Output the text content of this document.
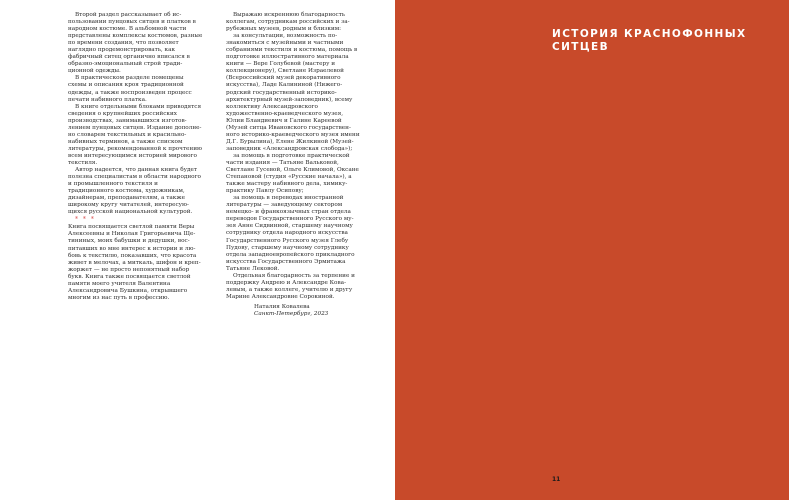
Второй раздел рассказывает об использовании пунцовых ситцев и платков в народном костюме. В альбомной части представлены комплексы костюмов, разные по времени создания, что позволяет наглядно продемонстрировать, как фабричный ситец органично вписался в образно-эмоциональный строй традиционной одежды.

В практическом разделе помещены схемы и описания кроя традиционной одежды, а также воспроизведен процесс печати набивного платка.

В книге отдельными блоками приводятся сведения о крупнейших российских производствах, занимавшихся изготовлением пунцовых ситцев. Издание дополнено словарем текстильных и красильно-набивных терминов, а также списком литературы, рекомендованной к прочтению всем интересующимся историей мирового текстиля.

Автор надеется, что данная книга будет полезна специалистам в области народного и промышленного текстиля и традиционного костюма, художникам, дизайнерам, преподавателям, а также широкому кругу читателей, интересующихся русской национальной культурой.

* * *

Книга посвящается светлой памяти Веры Алексеевны и Николая Григорьевича Щетининых, моих бабушки и дедушки, воспитавших во мне интерес к истории и любовь к текстилю, показавших, что красота живет в мелочах, а миткаль, шифон и креп-жоржет — не просто непонятный набор букв. Книга также посвящается светлой памяти моего учителя Валентина Александровича Бушкина, открывшего многим из нас путь в профессию.

Выражаю искреннюю благодарность коллегам, сотрудникам российских и зарубежных музеев, родным и близким:

за консультации, возможность познакомиться с музейными и частными собраниями текстиля и костюма, помощь в подготовке иллюстративного материала книги — Вере Голубевой (мастеру и коллекционеру), Светлане Израелевой (Всероссийский музей декоративного искусства), Ладе Калининой (Нижегородский государственный историко-архитектурный музей-заповедник), всему коллективу Александровского художественно-краеведческого музея, Юлии Бландиевич и Галине Кареевой (Музей ситца Ивановского государственного историко-краеведческого музея имени Д.Г. Бурылина), Елене Жилкиной (Музей-заповедник «Александровская слобода»);

за помощь в подготовке практической части издания — Татьяне Вальковой, Светлане Гусевой, Ольге Климовой, Оксане Степановой (студия «Русские начала»), а также мастеру набивного дела, химику-практику Павлу Осипову;

за помощь в переводах иностранной литературы — заведующему сектором немецко- и франкоязычных стран отдела переводов Государственного Русского музея Анне Сидвинной, старшему научному сотруднику отдела народного искусства Государственного Русского музея Глебу Пудову, старшему научному сотруднику отдела западноевропейского прикладного искусства Государственного Эрмитажа Татьяне Лековой.

Отдельная благодарность за терпение и поддержку Андрею и Александре Ковалевым, а также коллеге, учителю и другу Марине Александровне Сорокиной.

Наталия Ковалева
Санкт-Петербург, 2023
ИСТОРИЯ КРАСНОФОННЫХ
СИТЦЕВ
11
